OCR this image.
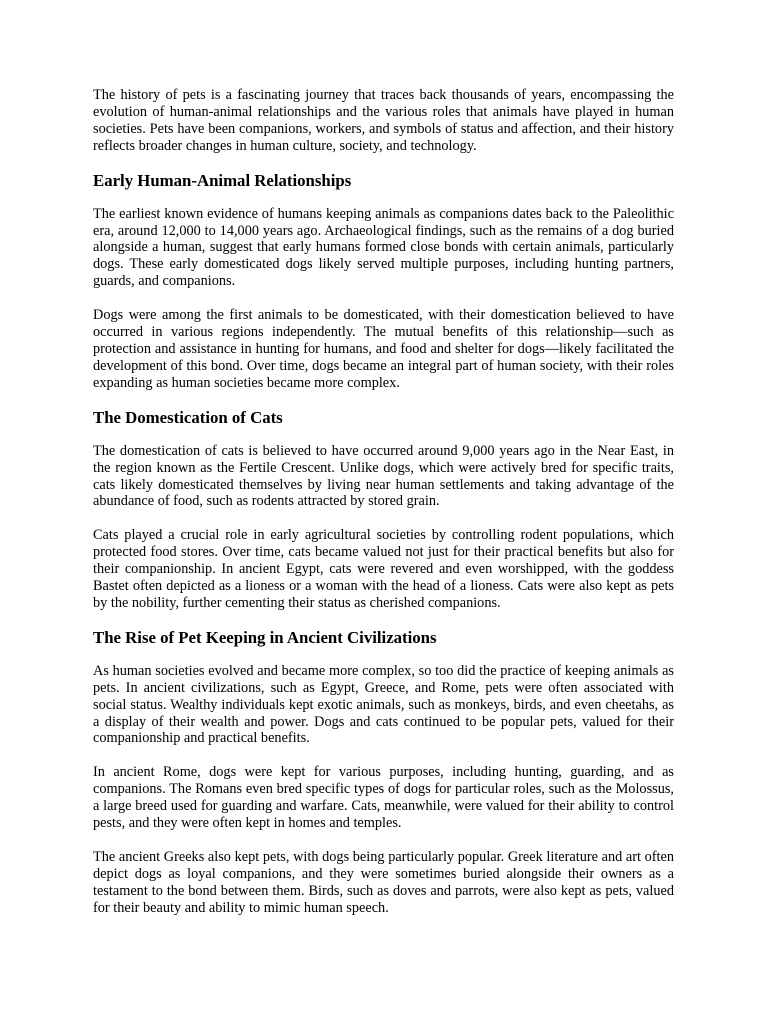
The history of pets is a fascinating journey that traces back thousands of years, encompassing the evolution of human-animal relationships and the various roles that animals have played in human societies. Pets have been companions, workers, and symbols of status and affection, and their history reflects broader changes in human culture, society, and technology.

Early Human-Animal Relationships

The earliest known evidence of humans keeping animals as companions dates back to the Paleolithic era, around 12,000 to 14,000 years ago. Archaeological findings, such as the remains of a dog buried alongside a human, suggest that early humans formed close bonds with certain animals, particularly dogs. These early domesticated dogs likely served multiple purposes, including hunting partners, guards, and companions.

Dogs were among the first animals to be domesticated, with their domestication believed to have occurred in various regions independently. The mutual benefits of this relationship—such as protection and assistance in hunting for humans, and food and shelter for dogs—likely facilitated the development of this bond. Over time, dogs became an integral part of human society, with their roles expanding as human societies became more complex.

The Domestication of Cats

The domestication of cats is believed to have occurred around 9,000 years ago in the Near East, in the region known as the Fertile Crescent. Unlike dogs, which were actively bred for specific traits, cats likely domesticated themselves by living near human settlements and taking advantage of the abundance of food, such as rodents attracted by stored grain.

Cats played a crucial role in early agricultural societies by controlling rodent populations, which protected food stores. Over time, cats became valued not just for their practical benefits but also for their companionship. In ancient Egypt, cats were revered and even worshipped, with the goddess Bastet often depicted as a lioness or a woman with the head of a lioness. Cats were also kept as pets by the nobility, further cementing their status as cherished companions.

The Rise of Pet Keeping in Ancient Civilizations

As human societies evolved and became more complex, so too did the practice of keeping animals as pets. In ancient civilizations, such as Egypt, Greece, and Rome, pets were often associated with social status. Wealthy individuals kept exotic animals, such as monkeys, birds, and even cheetahs, as a display of their wealth and power. Dogs and cats continued to be popular pets, valued for their companionship and practical benefits.

In ancient Rome, dogs were kept for various purposes, including hunting, guarding, and as companions. The Romans even bred specific types of dogs for particular roles, such as the Molossus, a large breed used for guarding and warfare. Cats, meanwhile, were valued for their ability to control pests, and they were often kept in homes and temples.

The ancient Greeks also kept pets, with dogs being particularly popular. Greek literature and art often depict dogs as loyal companions, and they were sometimes buried alongside their owners as a testament to the bond between them. Birds, such as doves and parrots, were also kept as pets, valued for their beauty and ability to mimic human speech.
